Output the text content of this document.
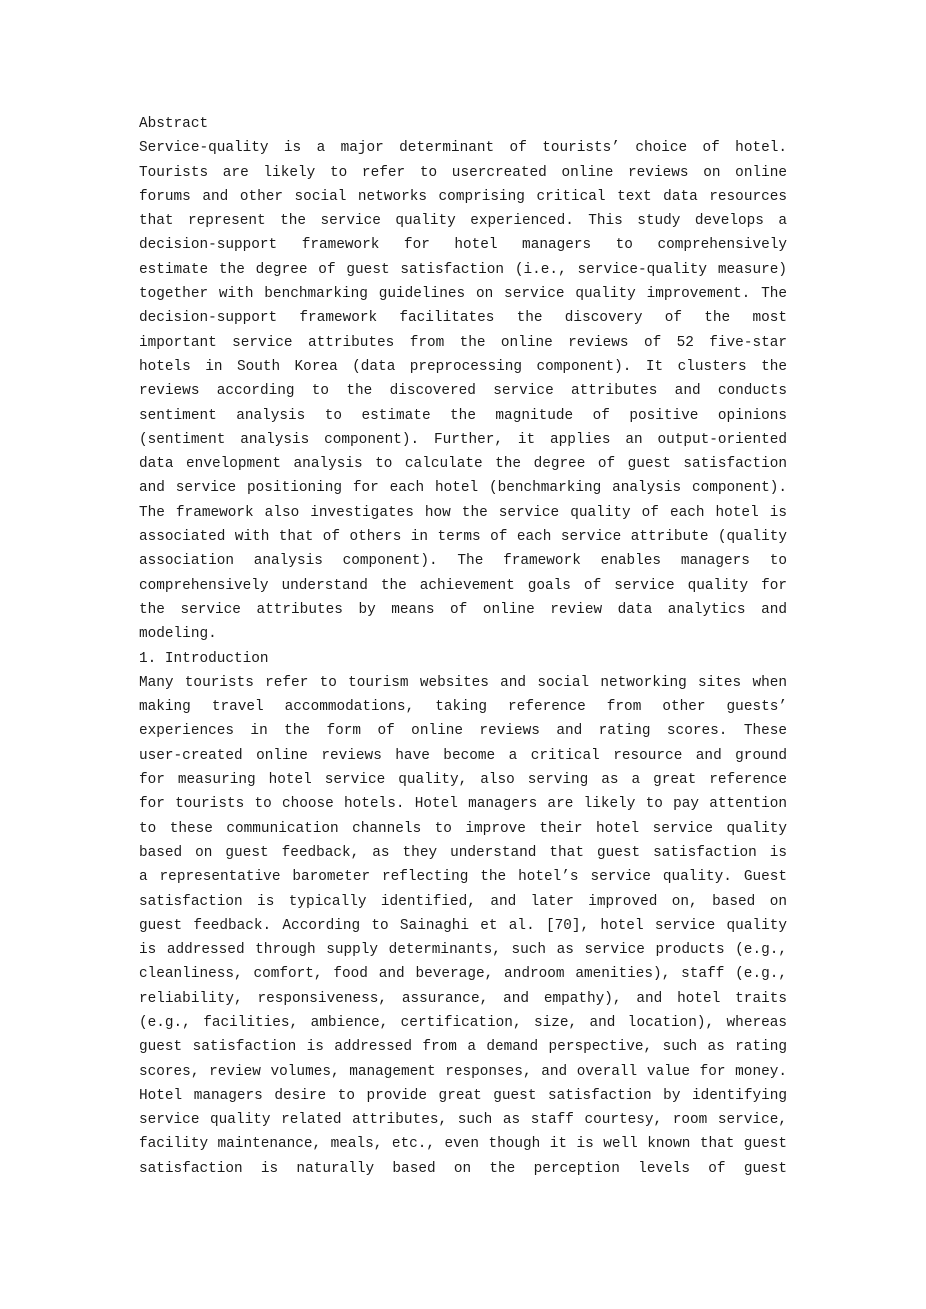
Abstract
Service-quality is a major determinant of tourists’ choice of hotel.
Tourists are likely to refer to usercreated online reviews on online
forums and other social networks comprising critical text data resources
that represent the service quality experienced. This study develops a
decision-support framework for hotel managers to comprehensively
estimate the degree of guest satisfaction (i.e., service-quality measure)
together with benchmarking guidelines on service quality improvement. The
decision-support framework facilitates the discovery of the most
important service attributes from the online reviews of 52 five-star
hotels in South Korea (data preprocessing component). It clusters the
reviews according to the discovered service attributes and conducts
sentiment analysis to estimate the magnitude of positive opinions
(sentiment analysis component). Further, it applies an output-oriented
data envelopment analysis to calculate the degree of guest satisfaction
and service positioning for each hotel (benchmarking analysis component).
The framework also investigates how the service quality of each hotel is
associated with that of others in terms of each service attribute (quality
association analysis component). The framework enables managers to
comprehensively understand the achievement goals of service quality for
the service attributes by means of online review data analytics and
modeling.
1. Introduction
Many tourists refer to tourism websites and social networking sites when
making travel accommodations, taking reference from other guests’
experiences in the form of online reviews and rating scores. These
user-created online reviews have become a critical resource and ground
for measuring hotel service quality, also serving as a great reference
for tourists to choose hotels. Hotel managers are likely to pay attention
to these communication channels to improve their hotel service quality
based on guest feedback, as they understand that guest satisfaction is
a representative barometer reflecting the hotel’s service quality. Guest
satisfaction is typically identified, and later improved on, based on
guest feedback. According to Sainaghi et al. [70], hotel service quality
is addressed through supply determinants, such as service products (e.g.,
cleanliness, comfort, food and beverage, androom amenities), staff (e.g.,
reliability, responsiveness, assurance, and empathy), and hotel traits
(e.g., facilities, ambience, certification, size, and location), whereas
guest satisfaction is addressed from a demand perspective, such as rating
scores, review volumes, management responses, and overall value for money.
Hotel managers desire to provide great guest satisfaction by identifying
service quality related attributes, such as staff courtesy, room service,
facility maintenance, meals, etc., even though it is well known that guest
satisfaction is naturally based on the perception levels of guest
